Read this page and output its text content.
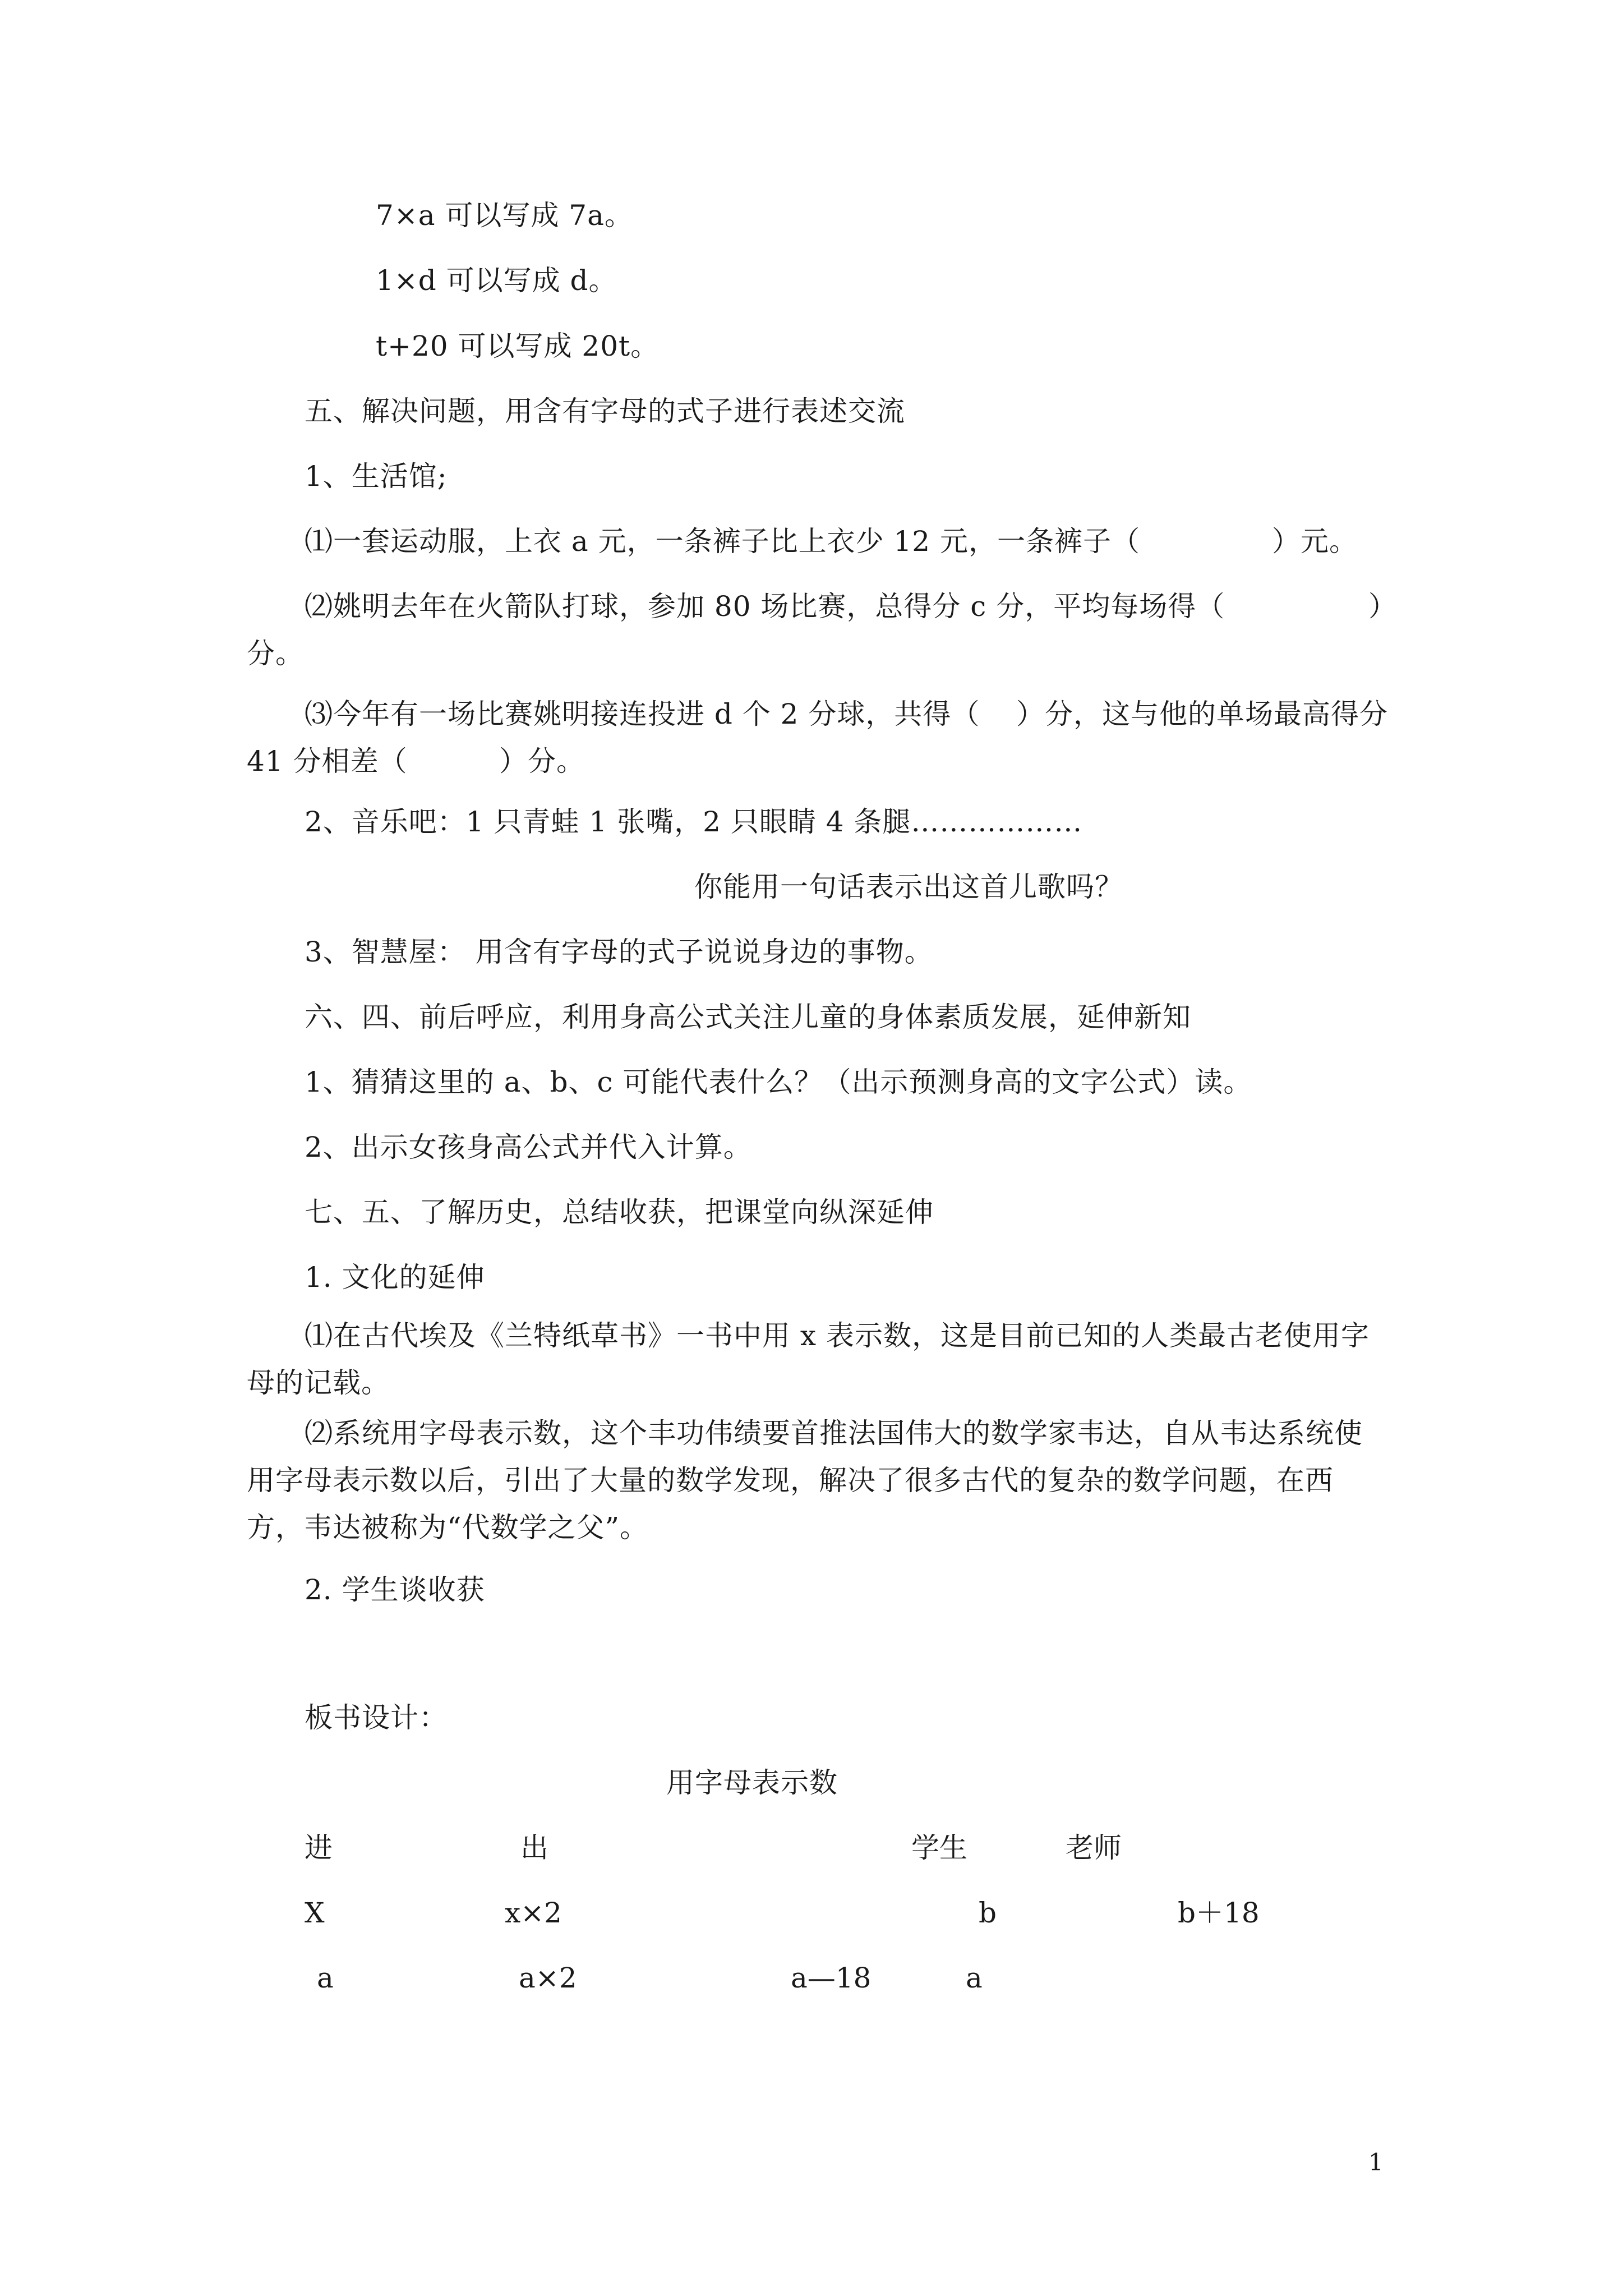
7×a 可以写成 7a。

1×d 可以写成 d。

t+20 可以写成 20t。

五、解决问题，用含有字母的式子进行表述交流

1、生活馆;

⑴一套运动服，上衣 a 元，一条裤子比上衣少 12 元，一条裤子（	）元。

⑵姚明去年在火箭队打球，参加 80 场比赛，总得分 c 分，平均每场得（	）

分。

⑶今年有一场比赛姚明接连投进 d 个 2 分球，共得（ ）分，这与他的单场最高得分

41 分相差（	）分。

2、音乐吧：1 只青蛙 1 张嘴，2 只眼睛 4 条腿………………

你能用一句话表示出这首儿歌吗？

3、智慧屋： 用含有字母的式子说说身边的事物。

六、四、前后呼应，利用身高公式关注儿童的身体素质发展，延伸新知

1、猜猜这里的 a、b、c 可能代表什么？（出示预测身高的文字公式）读。

2、出示女孩身高公式并代入计算。

七、五、了解历史，总结收获，把课堂向纵深延伸

1. 文化的延伸

⑴在古代埃及《兰特纸草书》一书中用 x 表示数，这是目前已知的人类最古老使用字母的记载。

⑵系统用字母表示数，这个丰功伟绩要首推法国伟大的数学家韦达，自从韦达系统使用字母表示数以后，引出了大量的数学发现，解决了很多古代的复杂的数学问题，在西方，韦达被称为“代数学之父”。

2. 学生谈收获

板书设计：

用字母表示数

进	出	学生	老师

X	x×2	b	b＋18

a	a×2	a—18	a

1
